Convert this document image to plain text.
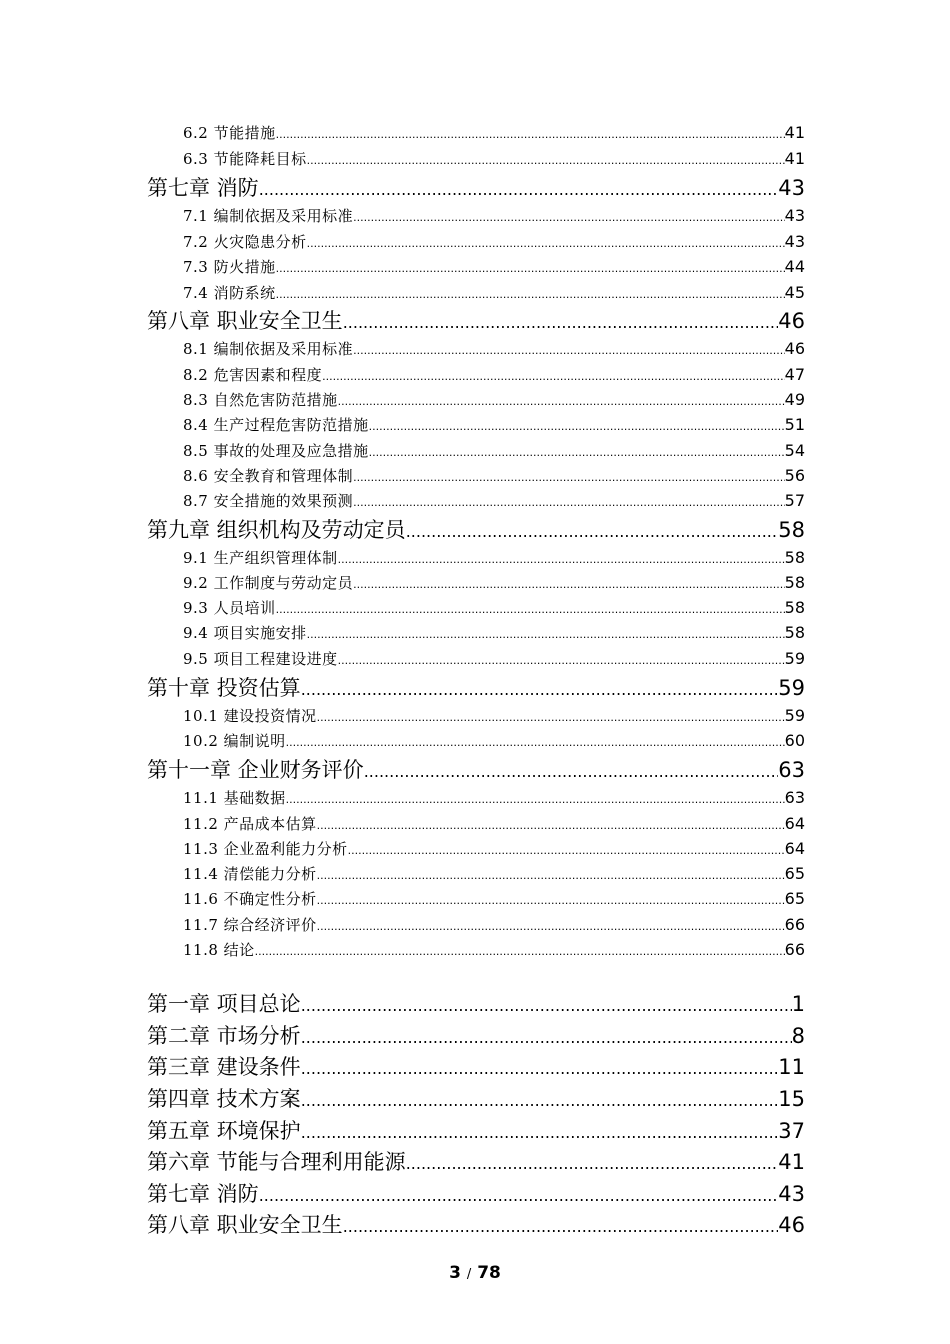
6.2 节能措施 .....	41
6.3 节能降耗目标 .....	41
第七章 消防 .....	43
7.1 编制依据及采用标准 .....	43
7.2 火灾隐患分析 .....	43
7.3 防火措施 .....	44
7.4 消防系统 .....	45
第八章 职业安全卫生 .....	46
8.1 编制依据及采用标准 .....	46
8.2 危害因素和程度 .....	47
8.3 自然危害防范措施 .....	49
8.4 生产过程危害防范措施 .....	51
8.5 事故的处理及应急措施 .....	54
8.6 安全教育和管理体制 .....	56
8.7 安全措施的效果预测 .....	57
第九章 组织机构及劳动定员 .....	58
9.1 生产组织管理体制 .....	58
9.2 工作制度与劳动定员 .....	58
9.3 人员培训 .....	58
9.4 项目实施安排 .....	58
9.5 项目工程建设进度 .....	59
第十章 投资估算 .....	59
10.1 建设投资情况 .....	59
10.2 编制说明 .....	60
第十一章 企业财务评价 .....	63
11.1 基础数据 .....	63
11.2 产品成本估算 .....	64
11.3 企业盈利能力分析 .....	64
11.4 清偿能力分析 .....	65
11.6 不确定性分析 .....	65
11.7 综合经济评价 .....	66
11.8 结论 .....	66
第一章 项目总论 .....	1
第二章 市场分析 .....	8
第三章 建设条件 .....	11
第四章 技术方案 .....	15
第五章 环境保护 .....	37
第六章 节能与合理利用能源 .....	41
第七章 消防 .....	43
第八章 职业安全卫生 .....	46
3 / 78
